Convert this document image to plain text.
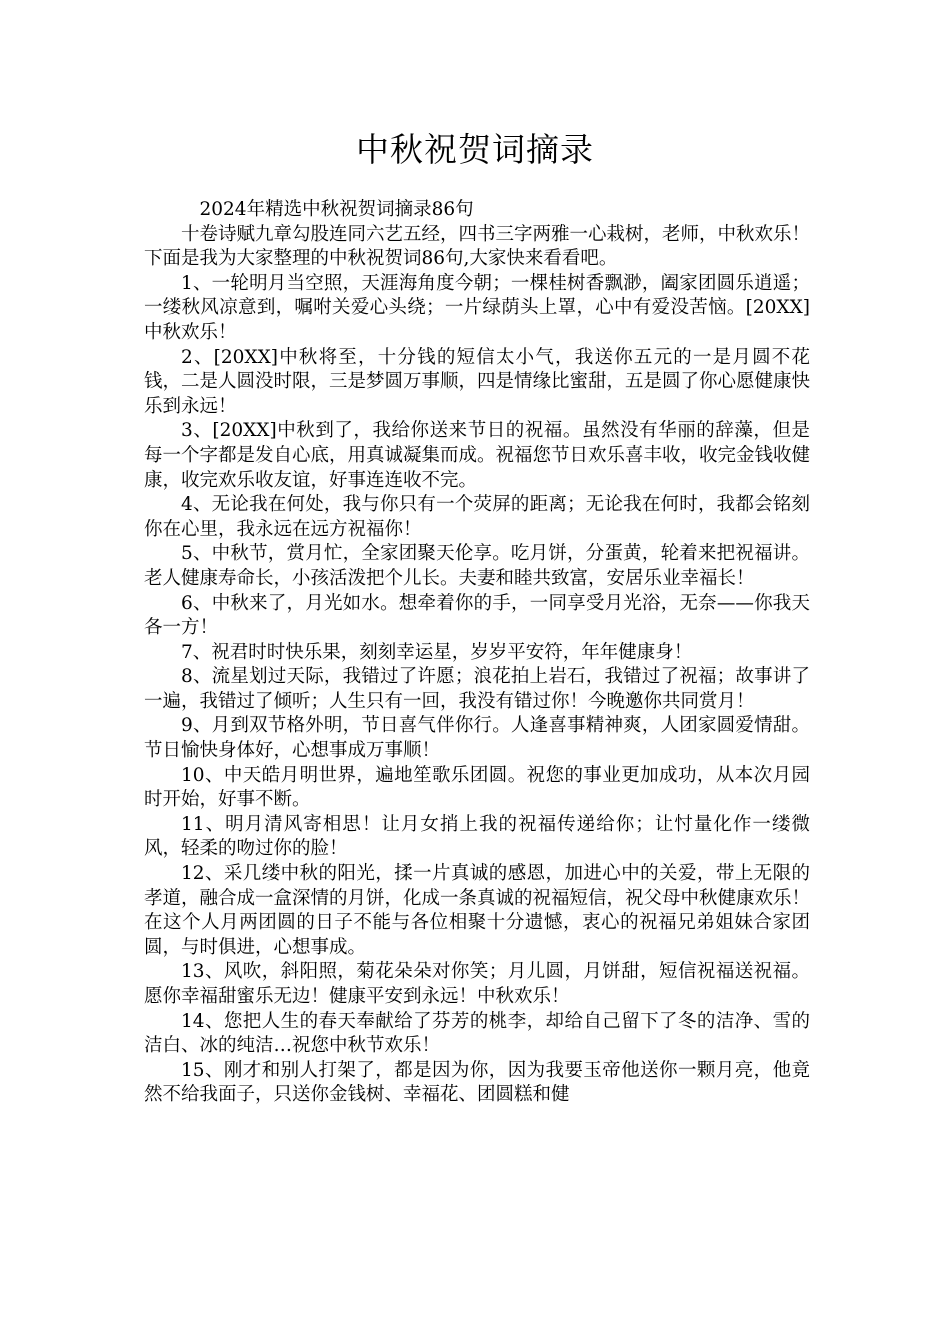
中秋祝贺词摘录

2024年精选中秋祝贺词摘录86句

十卷诗赋九章勾股连同六艺五经，四书三字两雅一心栽树，老师，中秋欢乐！下面是我为大家整理的中秋祝贺词86句,大家快来看看吧。

1、一轮明月当空照，天涯海角度今朝；一棵桂树香飘渺，阖家团圆乐逍遥；一缕秋风凉意到，嘱咐关爱心头绕；一片绿荫头上罩，心中有爱没苦恼。[20XX]中秋欢乐！

2、[20XX]中秋将至，十分钱的短信太小气，我送你五元的一是月圆不花钱，二是人圆没时限，三是梦圆万事顺，四是情缘比蜜甜，五是圆了你心愿健康快乐到永远！

3、[20XX]中秋到了，我给你送来节日的祝福。虽然没有华丽的辞藻，但是每一个字都是发自心底，用真诚凝集而成。祝福您节日欢乐喜丰收，收完金钱收健康，收完欢乐收友谊，好事连连收不完。

4、无论我在何处，我与你只有一个荧屏的距离；无论我在何时，我都会铭刻你在心里，我永远在远方祝福你！

5、中秋节，赏月忙，全家团聚天伦享。吃月饼，分蛋黄，轮着来把祝福讲。老人健康寿命长，小孩活泼把个儿长。夫妻和睦共致富，安居乐业幸福长！

6、中秋来了，月光如水。想牵着你的手，一同享受月光浴，无奈——你我天各一方！

7、祝君时时快乐果，刻刻幸运星，岁岁平安符，年年健康身！

8、流星划过天际，我错过了许愿；浪花拍上岩石，我错过了祝福；故事讲了一遍，我错过了倾听；人生只有一回，我没有错过你！今晚邀你共同赏月！

9、月到双节格外明，节日喜气伴你行。人逢喜事精神爽，人团家圆爱情甜。节日愉快身体好，心想事成万事顺！

10、中天皓月明世界，遍地笙歌乐团圆。祝您的事业更加成功，从本次月园时开始，好事不断。

11、明月清风寄相思！让月女捎上我的祝福传递给你；让忖量化作一缕微风，轻柔的吻过你的脸！

12、采几缕中秋的阳光，揉一片真诚的感恩，加进心中的关爱，带上无限的孝道，融合成一盒深情的月饼，化成一条真诚的祝福短信，祝父母中秋健康欢乐！在这个人月两团圆的日子不能与各位相聚十分遗憾，衷心的祝福兄弟姐妹合家团圆，与时俱进，心想事成。

13、风吹，斜阳照，菊花朵朵对你笑；月儿圆，月饼甜，短信祝福送祝福。愿你幸福甜蜜乐无边！健康平安到永远！中秋欢乐！

14、您把人生的春天奉献给了芬芳的桃李，却给自己留下了冬的洁净、雪的洁白、冰的纯洁…祝您中秋节欢乐！

15、刚才和别人打架了，都是因为你，因为我要玉帝他送你一颗月亮，他竟然不给我面子，只送你金钱树、幸福花、团圆糕和健
